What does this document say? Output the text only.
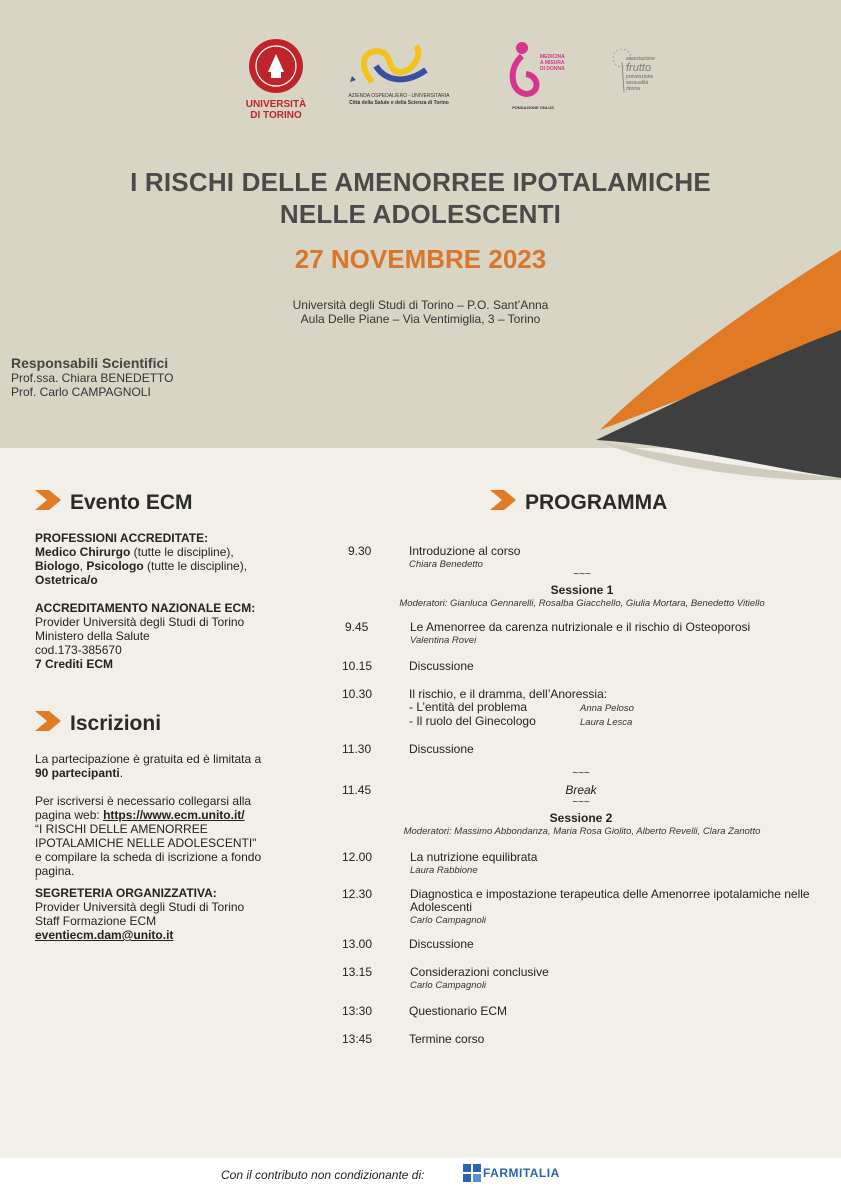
UNIVERSITÀ
DI TORINO
AZIENDA OSPEDALIERO - UNIVERSITARIA
Città della Salute e della Scienza di Torino
MEDICINA
A MISURA
DI DONNA
FONDAZIONE ONLUS
associazione
frutto
prevenzione
sessualità
donna
I RISCHI DELLE AMENORREE IPOTALAMICHE
NELLE ADOLESCENTI
27 NOVEMBRE 2023
Università degli Studi di Torino – P.O. Sant’Anna
Aula Delle Piane – Via Ventimiglia, 3 – Torino
Responsabili Scientifici
Prof.ssa. Chiara BENEDETTO
Prof. Carlo CAMPAGNOLI
Evento ECM
PROFESSIONI ACCREDITATE:
Medico Chirurgo (tutte le discipline),
Biologo, Psicologo (tutte le discipline),
Ostetrica/o
ACCREDITAMENTO NAZIONALE ECM:
Provider Università degli Studi di Torino
Ministero della Salute
cod.173-385670
7 Crediti ECM
Iscrizioni
La partecipazione è gratuita ed è limitata a
90 partecipanti.
Per iscriversi è necessario collegarsi alla
pagina web: https://www.ecm.unito.it/
“I RISCHI DELLE AMENORREE
IPOTALAMICHE NELLE ADOLESCENTI"
e compilare la scheda di iscrizione a fondo
pagina.
°
SEGRETERIA ORGANIZZATIVA:
Provider Università degli Studi di Torino
Staff Formazione ECM
eventiecm.dam@unito.it
PROGRAMMA
9.30	Introduzione al corso
Chiara Benedetto
~~~
Sessione 1
Moderatori: Gianluca Gennarelli, Rosalba Giacchello, Giulia Mortara, Benedetto Vitiello
9.45	Le Amenorree da carenza nutrizionale e il rischio di Osteoporosi
Valentina Rovei
10.15	Discussione
10.30	Il rischio, e il dramma, dell’Anoressia:
- L’entità del problema	Anna Peloso
- Il ruolo del Ginecologo	Laura Lesca
11.30	Discussione
~~~
11.45	Break
~~~
Sessione 2
Moderatori: Massimo Abbondanza, Maria Rosa Giolito, Alberto Revelli, Clara Zanotto
12.00	La nutrizione equilibrata
Laura Rabbione
12.30	Diagnostica e impostazione terapeutica delle Amenorree ipotalamiche nelle
Adolescenti
Carlo Campagnoli
13.00	Discussione
13.15	Considerazioni conclusive
Carlo Campagnoli
13:30	Questionario ECM
13:45	Termine corso
Con il contributo non condizionante di:	FARMITALIA
